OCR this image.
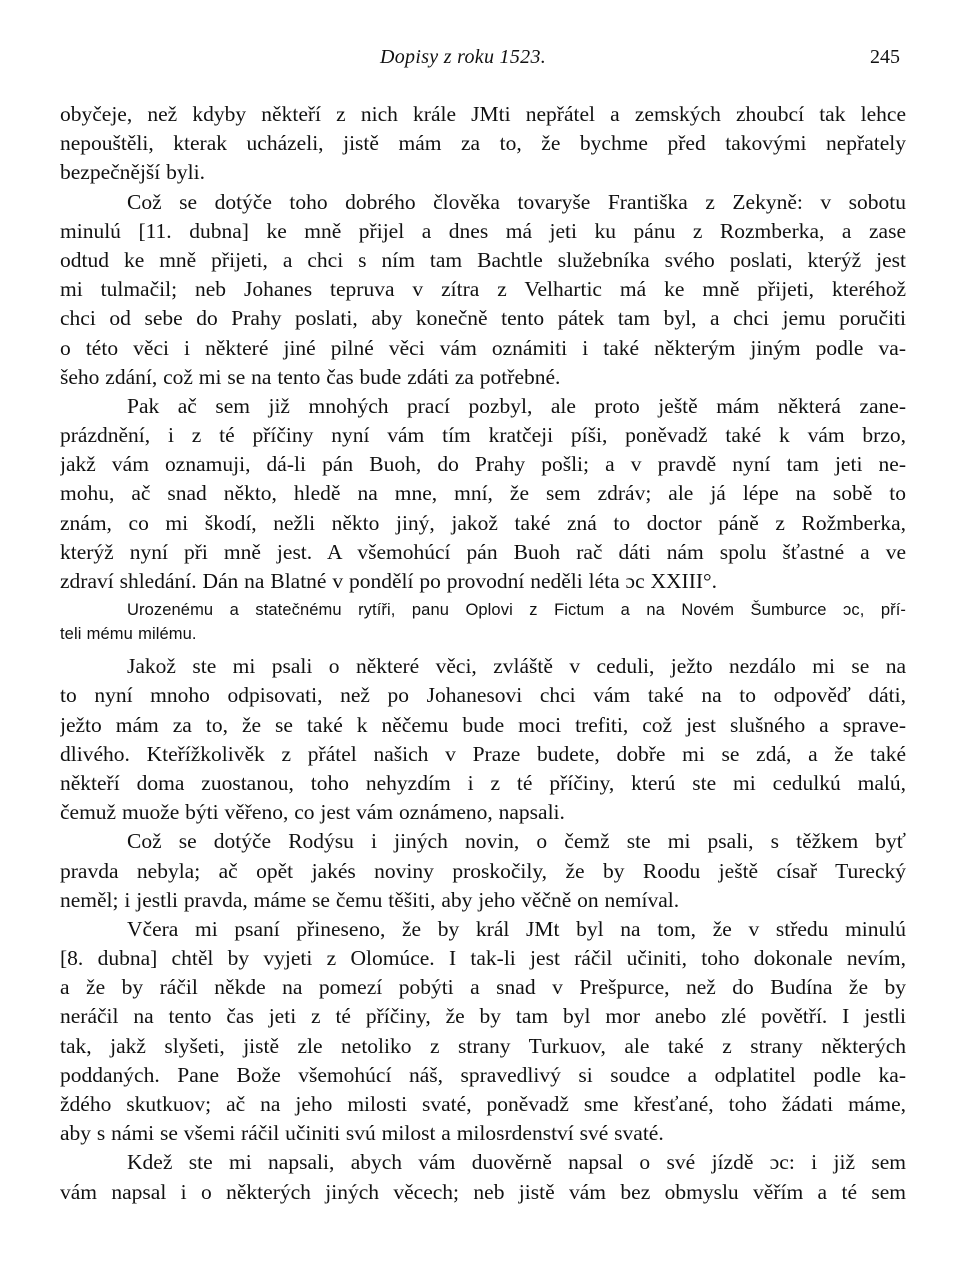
Dopisy z roku 1523.	245
obyčeje, než kdyby někteří z nich krále JMti nepřátel a zemských zhoubcí tak lehce
nepouštěli, kterak ucházeli, jistě mám za to, že bychme před takovými nepřately
bezpečnější byli.
Což se dotýče toho dobrého člověka tovaryše Františka z Zekyně: v sobotu
minulú [11. dubna] ke mně přijel a dnes má jeti ku pánu z Rozmberka, a zase
odtud ke mně přijeti, a chci s ním tam Bachtle služebníka svého poslati, kterýž jest
mi tulmačil; neb Johanes tepruva v zítra z Velhartic má ke mně přijeti, kteréhož
chci od sebe do Prahy poslati, aby konečně tento pátek tam byl, a chci jemu poručiti
o této věci i některé jiné pilné věci vám oznámiti i také některým jiným podle va-
šeho zdání, což mi se na tento čas bude zdáti za potřebné.
Pak ač sem již mnohých prací pozbyl, ale proto ještě mám některá zane-
prázdnění, i z té příčiny nyní vám tím kratčeji píši, poněvadž také k vám brzo,
jakž vám oznamuji, dá-li pán Buoh, do Prahy pošli; a v pravdě nyní tam jeti ne-
mohu, ač snad někto, hledě na mne, mní, že sem zdráv; ale já lépe na sobě to
znám, co mi škodí, nežli někto jiný, jakož také zná to doctor páně z Rožmberka,
kterýž nyní při mně jest. A všemohúcí pán Buoh rač dáti nám spolu šťastné a ve
zdraví shledání. Dán na Blatné v pondělí po provodní neděli léta ɔc XXIII°.
Urozenému a statečnému rytíři, panu Oplovi z Fictum a na Novém Šumburce ɔc, pří-
teli mému milému.
Jakož ste mi psali o některé věci, zvláště v ceduli, ježto nezdálo mi se na
to nyní mnoho odpisovati, než po Johanesovi chci vám také na to odpověď dáti,
ježto mám za to, že se také k něčemu bude moci trefiti, což jest slušného a sprave-
dlivého. Kteřížkolivěk z přátel našich v Praze budete, dobře mi se zdá, a že také
někteří doma zuostanou, toho nehyzdím i z té příčiny, kterú ste mi cedulkú malú,
čemuž muože býti věřeno, co jest vám oznámeno, napsali.
Což se dotýče Rodýsu i jiných novin, o čemž ste mi psali, s těžkem byť
pravda nebyla; ač opět jakés noviny proskočily, že by Roodu ještě císař Turecký
neměl; i jestli pravda, máme se čemu těšiti, aby jeho věčně on nemíval.
Včera mi psaní přineseno, že by král JMt byl na tom, že v středu minulú
[8. dubna] chtěl by vyjeti z Olomúce. I tak-li jest ráčil učiniti, toho dokonale nevím,
a že by ráčil někde na pomezí pobýti a snad v Prešpurce, než do Budína že by
neráčil na tento čas jeti z té příčiny, že by tam byl mor anebo zlé povětří. I jestli
tak, jakž slyšeti, jistě zle netoliko z strany Turkuov, ale také z strany některých
poddaných. Pane Bože všemohúcí náš, spravedlivý si soudce a odplatitel podle ka-
ždého skutkuov; ač na jeho milosti svaté, poněvadž sme křesťané, toho žádati máme,
aby s námi se všemi ráčil učiniti svú milost a milosrdenství své svaté.
Kdež ste mi napsali, abych vám duověrně napsal o své jízdě ɔc: i již sem
vám napsal i o některých jiných věcech; neb jistě vám bez obmyslu věřím a té sem
